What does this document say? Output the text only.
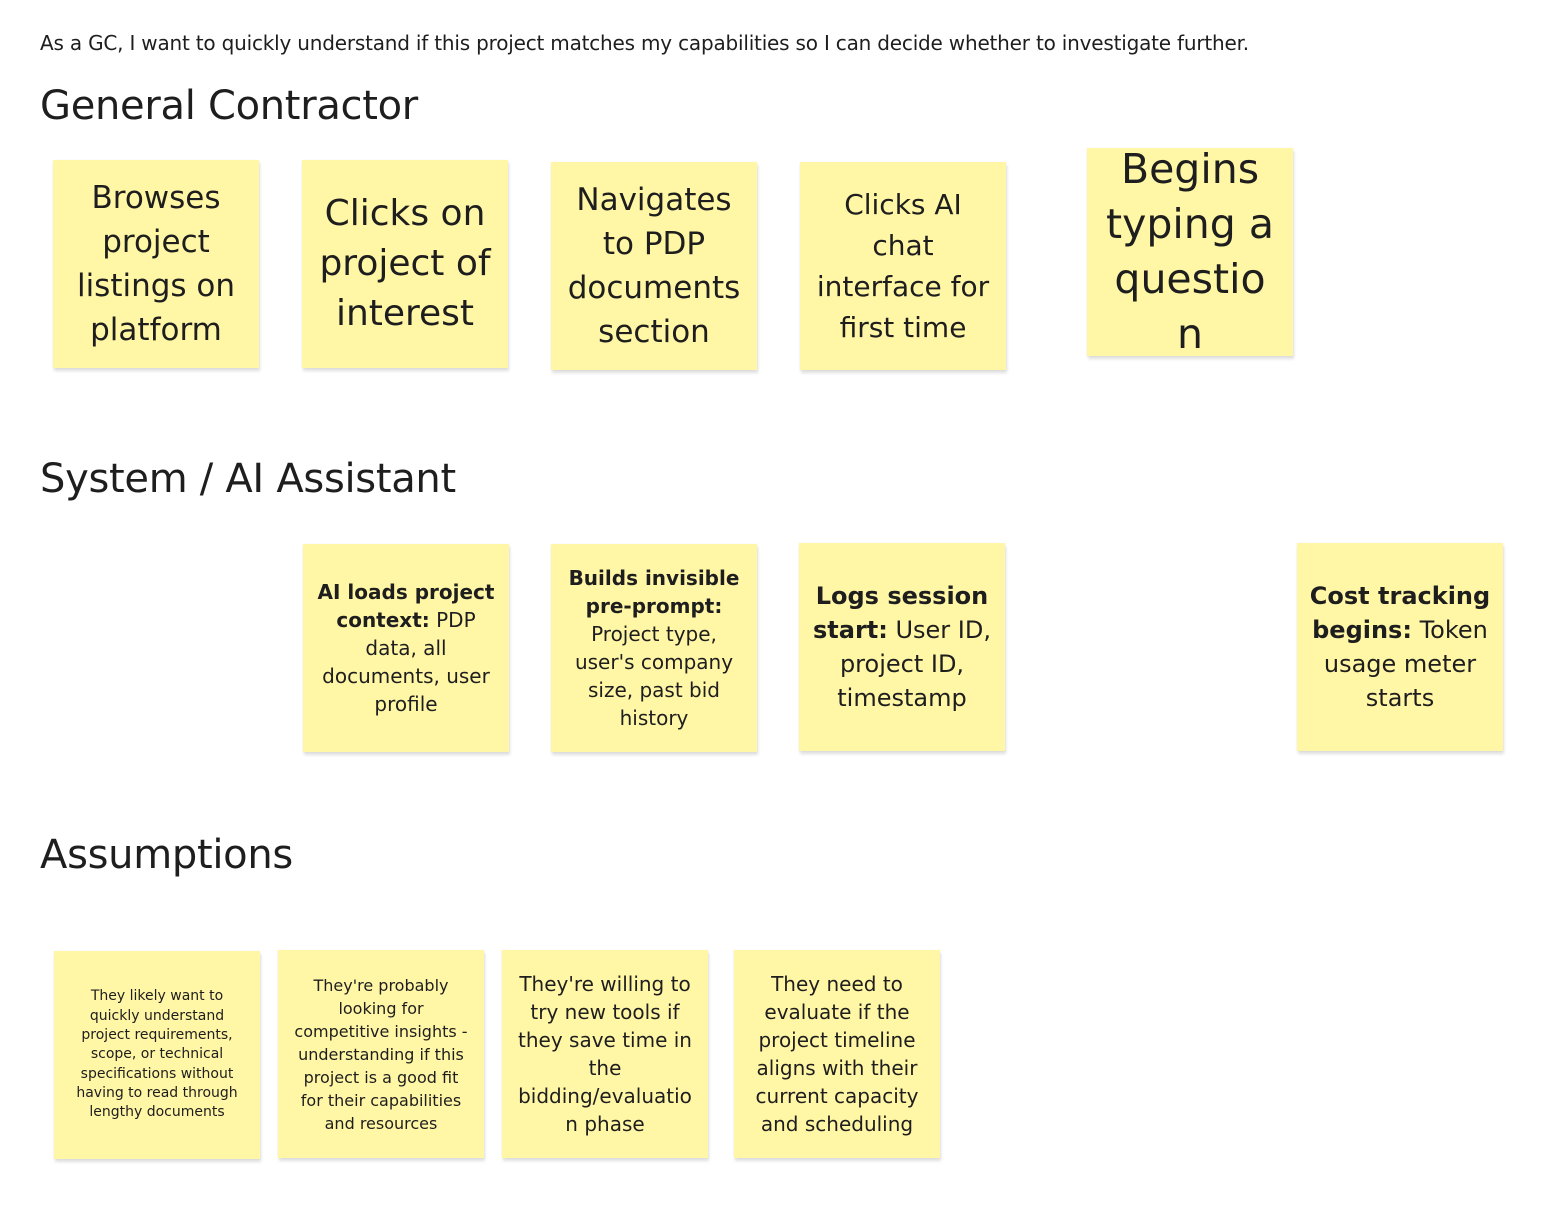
As a GC, I want to quickly understand if this project matches my capabilities so I can decide whether to investigate further.
General Contractor
Browses project listings on platform
Clicks on project of interest
Navigates to PDP documents section
Clicks AI chat interface for first time
Begins typing a question
System / AI Assistant
AI loads project context: PDP data, all documents, user profile
Builds invisible pre-prompt: Project type, user's company size, past bid history
Logs session start: User ID, project ID, timestamp
Cost tracking begins: Token usage meter starts
Assumptions
They likely want to quickly understand project requirements, scope, or technical specifications without having to read through lengthy documents
They're probably looking for competitive insights - understanding if this project is a good fit for their capabilities and resources
They're willing to try new tools if they save time in the bidding/evaluation phase
They need to evaluate if the project timeline aligns with their current capacity and scheduling
